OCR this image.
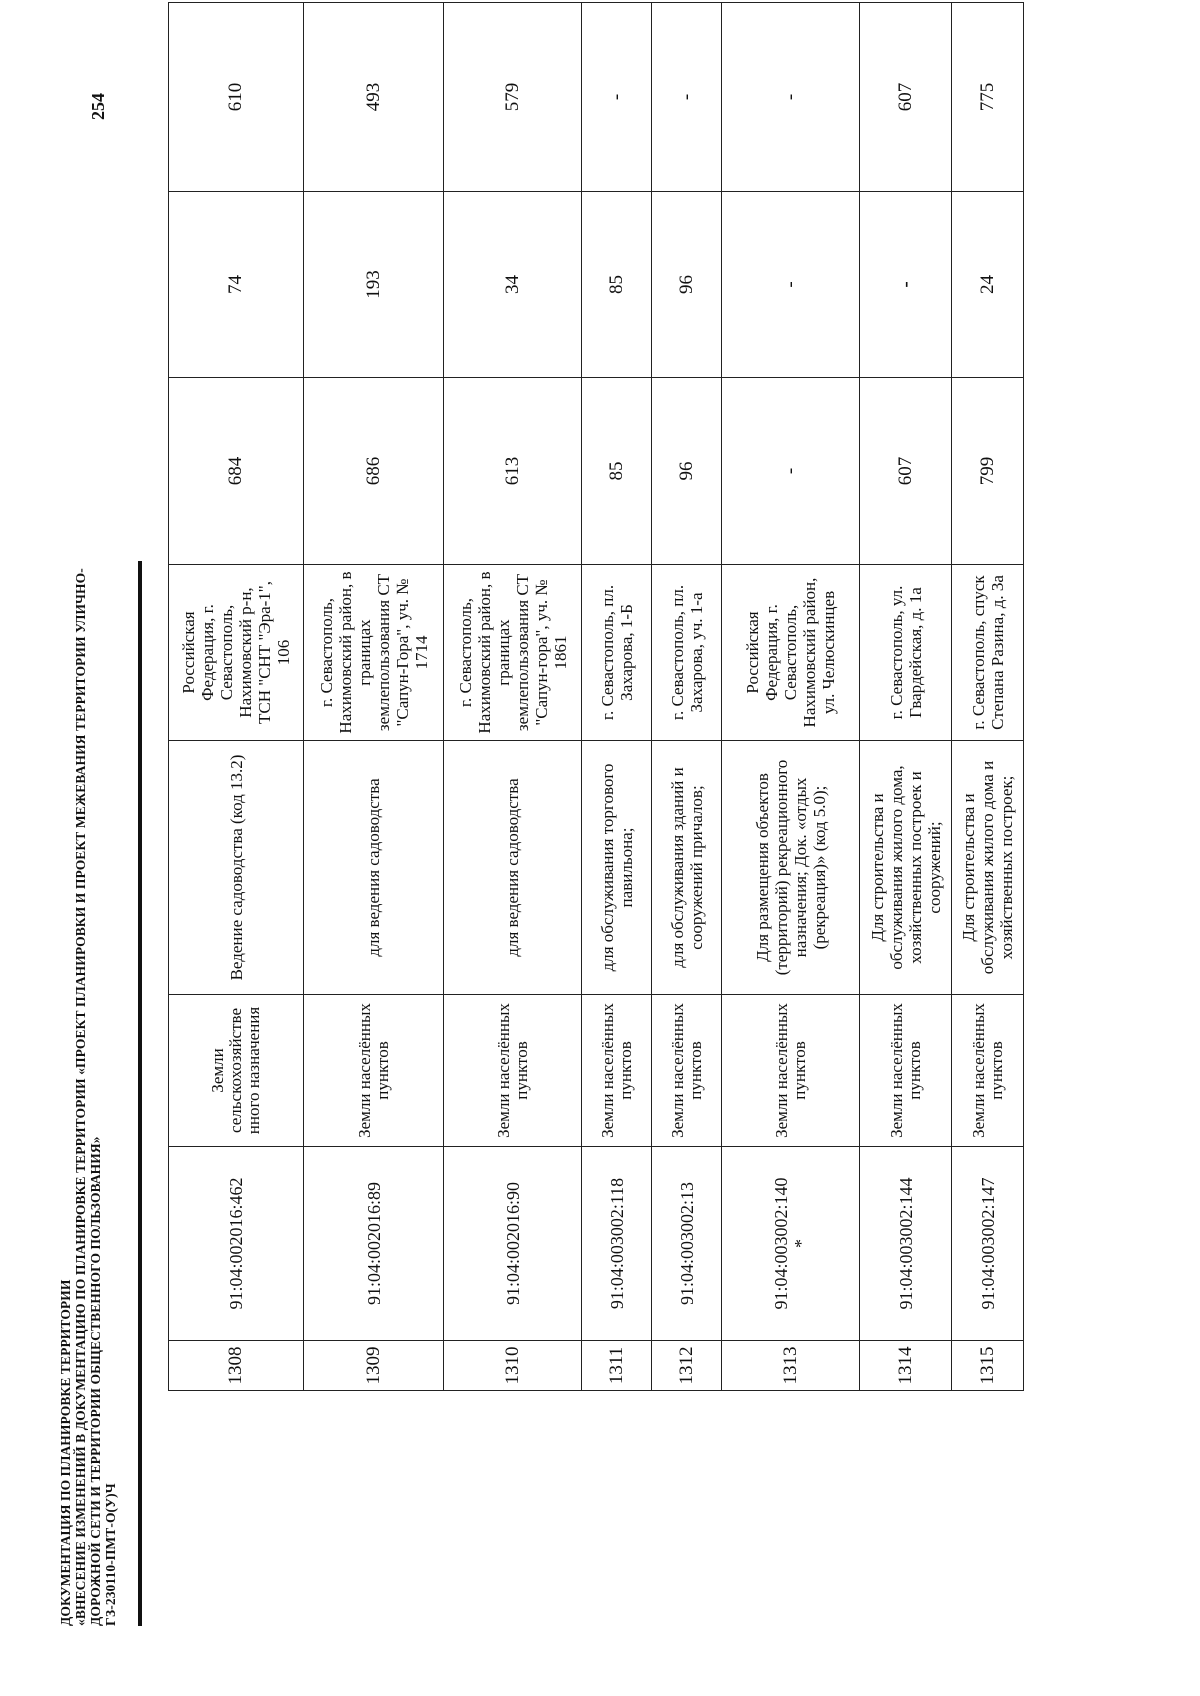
ДОКУМЕНТАЦИЯ ПО ПЛАНИРОВКЕ ТЕРРИТОРИИ «ВНЕСЕНИЕ ИЗМЕНЕНИЙ В ДОКУМЕНТАЦИЮ ПО ПЛАНИРОВКЕ ТЕРРИТОРИИ «ПРОЕКТ ПЛАНИРОВКИ И ПРОЕКТ МЕЖЕВАНИЯ ТЕРРИТОРИИ УЛИЧНО- ДОРОЖНОЙ СЕТИ И ТЕРРИТОРИИ ОБЩЕСТВЕННОГО ПОЛЬЗОВАНИЯ» ГЗ-230110-ПМТ-О(У)Ч
254
1308	91:04:002016:462	Земли сельскохозяйстве нного назначения	Ведение садоводства (код 13.2)	Российская Федерация, г. Севастополь, Нахимовский р-н, ТСН "СНТ "Эра-1", 106	684	74	610
1309	91:04:002016:89	Земли населённых пунктов	для ведения садоводства	г. Севастополь, Нахимовский район, в границах землепользования СТ "Сапун-Гора", уч. № 1714	686	193	493
1310	91:04:002016:90	Земли населённых пунктов	для ведения садоводства	г. Севастополь, Нахимовский район, в границах землепользования СТ "Сапун-гора", уч. № 1861	613	34	579
1311	91:04:003002:118	Земли населённых пунктов	для обслуживания торгового павильона;	г. Севастополь, пл. Захарова, 1-Б	85	85	-
1312	91:04:003002:13	Земли населённых пунктов	для обслуживания зданий и сооружений причалов;	г. Севастополь, пл. Захарова, уч. 1-а	96	96	-
1313	91:04:003002:140 *	Земли населённых пунктов	Для размещения объектов (территорий) рекреационного назначения; Док. «отдых (рекреация)» (код 5.0);	Российская Федерация, г. Севастополь, Нахимовский район, ул. Челюскинцев	-	-	-
1314	91:04:003002:144	Земли населённых пунктов	Для строительства и обслуживания жилого дома, хозяйственных построек и сооружений;	г. Севастополь, ул. Гвардейская, д. 1а	607	-	607
1315	91:04:003002:147	Земли населённых пунктов	Для строительства и обслуживания жилого дома и хозяйственных построек;	г. Севастополь, спуск Степана Разина, д. 3а	799	24	775
